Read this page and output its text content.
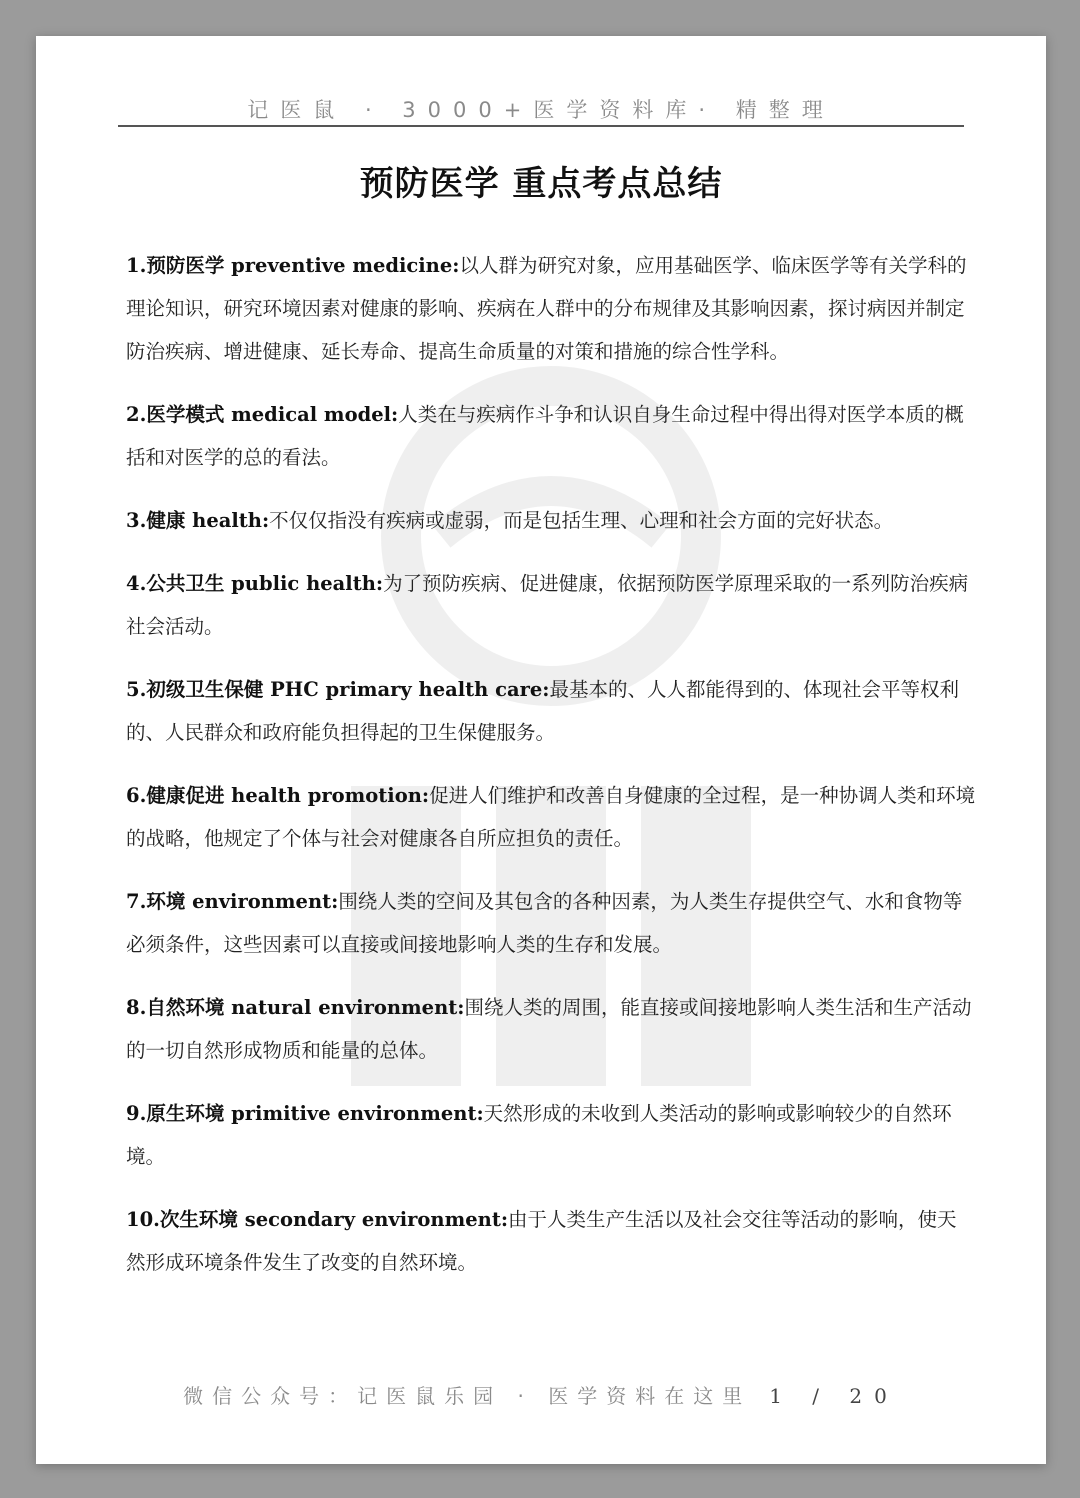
记医鼠 · 3000+医学资料库· 精整理
预防医学 重点考点总结
1.预防医学 preventive medicine:以人群为研究对象，应用基础医学、临床医学等有关学科的理论知识，研究环境因素对健康的影响、疾病在人群中的分布规律及其影响因素，探讨病因并制定防治疾病、增进健康、延长寿命、提高生命质量的对策和措施的综合性学科。
2.医学模式 medical model:人类在与疾病作斗争和认识自身生命过程中得出得对医学本质的概括和对医学的总的看法。
3.健康 health:不仅仅指没有疾病或虚弱，而是包括生理、心理和社会方面的完好状态。
4.公共卫生 public health:为了预防疾病、促进健康，依据预防医学原理采取的一系列防治疾病社会活动。
5.初级卫生保健 PHC primary health care:最基本的、人人都能得到的、体现社会平等权利的、人民群众和政府能负担得起的卫生保健服务。
6.健康促进 health promotion:促进人们维护和改善自身健康的全过程，是一种协调人类和环境的战略，他规定了个体与社会对健康各自所应担负的责任。
7.环境 environment:围绕人类的空间及其包含的各种因素，为人类生存提供空气、水和食物等必须条件，这些因素可以直接或间接地影响人类的生存和发展。
8.自然环境 natural environment:围绕人类的周围，能直接或间接地影响人类生活和生产活动的一切自然形成物质和能量的总体。
9.原生环境 primitive environment:天然形成的未收到人类活动的影响或影响较少的自然环境。
10.次生环境 secondary environment:由于人类生产生活以及社会交往等活动的影响，使天然形成环境条件发生了改变的自然环境。
微信公众号：记医鼠乐园 · 医学资料在这里 1 / 20
